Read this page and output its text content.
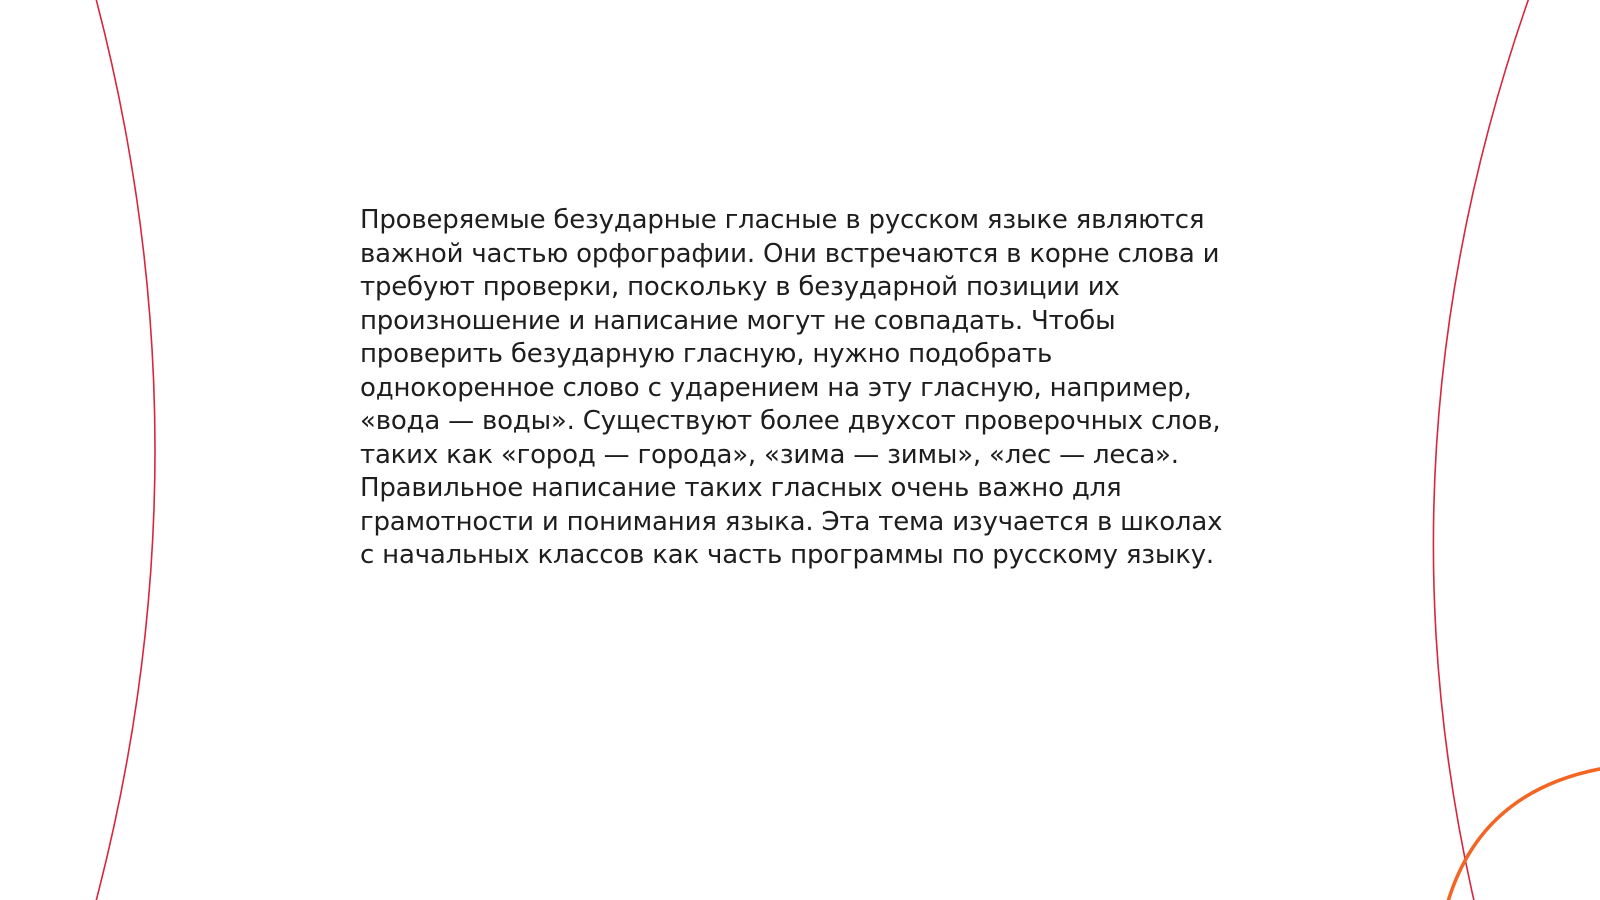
Проверяемые безударные гласные в русском языке являются
важной частью орфографии. Они встречаются в корне слова и
требуют проверки, поскольку в безударной позиции их
произношение и написание могут не совпадать. Чтобы
проверить безударную гласную, нужно подобрать
однокоренное слово с ударением на эту гласную, например,
«вода — воды». Существуют более двухсот проверочных слов,
таких как «город — города», «зима — зимы», «лес — леса».
Правильное написание таких гласных очень важно для
грамотности и понимания языка. Эта тема изучается в школах
с начальных классов как часть программы по русскому языку.
